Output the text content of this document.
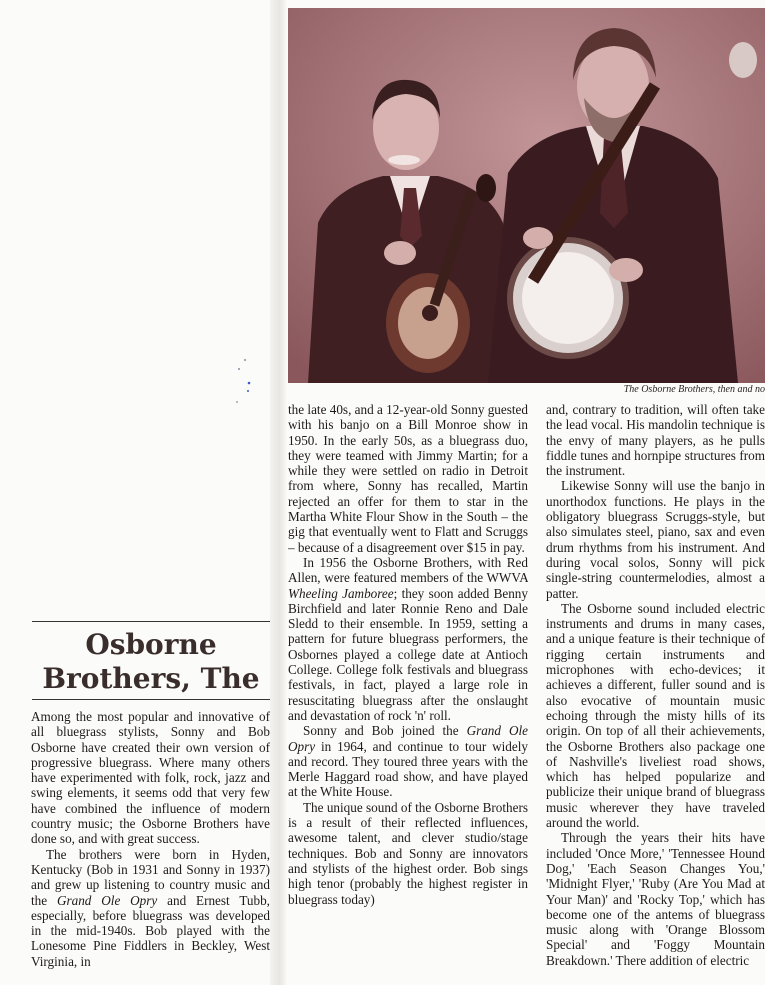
The Osborne Brothers, then and no
Osborne
Brothers, The

Among the most popular and innovative of all bluegrass stylists, Sonny and Bob Osborne have created their own version of progressive bluegrass. Where many others have experimented with folk, rock, jazz and swing elements, it seems odd that very few have combined the influence of modern country music; the Osborne Brothers have done so, and with great success.

The brothers were born in Hyden, Kentucky (Bob in 1931 and Sonny in 1937) and grew up listening to country music and the Grand Ole Opry and Ernest Tubb, especially, before bluegrass was developed in the mid-1940s. Bob played with the Lonesome Pine Fiddlers in Beckley, West Virginia, in

the late 40s, and a 12-year-old Sonny guested with his banjo on a Bill Monroe show in 1950. In the early 50s, as a bluegrass duo, they were teamed with Jimmy Martin; for a while they were settled on radio in Detroit from where, Sonny has recalled, Martin rejected an offer for them to star in the Martha White Flour Show in the South – the gig that eventually went to Flatt and Scruggs – because of a disagreement over $15 in pay.

In 1956 the Osborne Brothers, with Red Allen, were featured members of the WWVA Wheeling Jamboree; they soon added Benny Birchfield and later Ronnie Reno and Dale Sledd to their ensemble. In 1959, setting a pattern for future bluegrass performers, the Osbornes played a college date at Antioch College. College folk festivals and bluegrass festivals, in fact, played a large role in resuscitating bluegrass after the onslaught and devastation of rock 'n' roll.

Sonny and Bob joined the Grand Ole Opry in 1964, and continue to tour widely and record. They toured three years with the Merle Haggard road show, and have played at the White House.

The unique sound of the Osborne Brothers is a result of their reflected influences, awesome talent, and clever studio/stage techniques. Bob and Sonny are innovators and stylists of the highest order. Bob sings high tenor (probably the highest register in bluegrass today)

and, contrary to tradition, will often take the lead vocal. His mandolin technique is the envy of many players, as he pulls fiddle tunes and hornpipe structures from the instrument.

Likewise Sonny will use the banjo in unorthodox functions. He plays in the obligatory bluegrass Scruggs-style, but also simulates steel, piano, sax and even drum rhythms from his instrument. And during vocal solos, Sonny will pick single-string countermelodies, almost a patter.

The Osborne sound included electric instruments and drums in many cases, and a unique feature is their technique of rigging certain instruments and microphones with echo-devices; it achieves a different, fuller sound and is also evocative of mountain music echoing through the misty hills of its origin. On top of all their achievements, the Osborne Brothers also package one of Nashville's liveliest road shows, which has helped popularize and publicize their unique brand of bluegrass music wherever they have traveled around the world.

Through the years their hits have included 'Once More,' 'Tennessee Hound Dog,' 'Each Season Changes You,' 'Midnight Flyer,' 'Ruby (Are You Mad at Your Man)' and 'Rocky Top,' which has become one of the antems of bluegrass music along with 'Orange Blossom Special' and 'Foggy Mountain Breakdown.' There addition of electric
